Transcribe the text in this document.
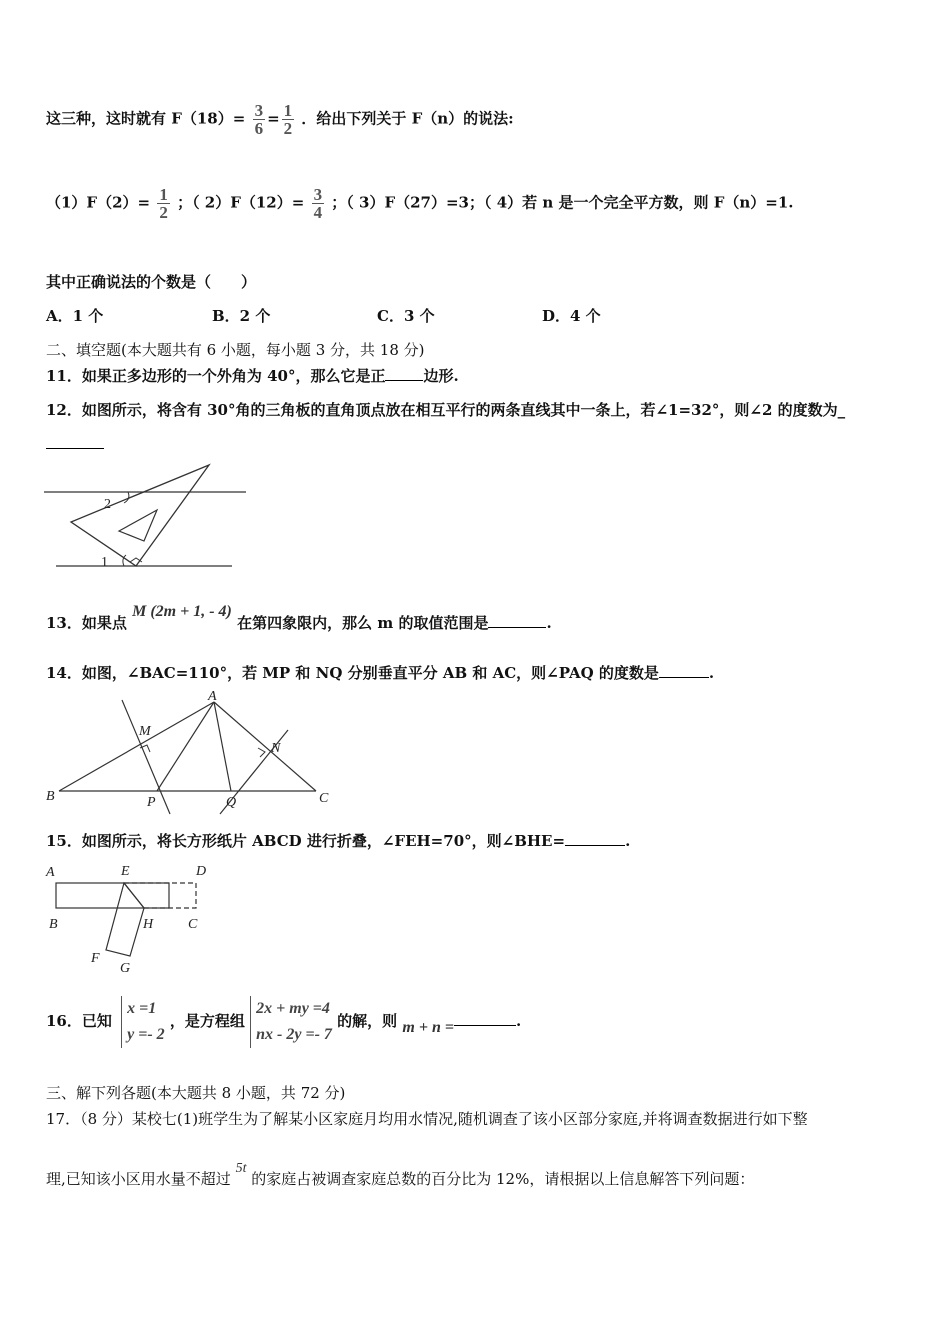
这三种，这时就有 $F(18)= \frac{3}{6} = \frac{1}{2}$ ．给出下列关于 F（n）的说法:
$(1)F(2)= \frac{1}{2}$ ；（ $2)F(12)= \frac{3}{4}$ ；（ 3）F（27）=3；（ 4）若 n 是一个完全平方数，则 F（n）=1.
其中正确说法的个数是（　　）
A．1 个	B．2 个	C．3 个	D．4 个
二、填空题(本大题共有 6 小题，每小题 3 分，共 18 分)
11．如果正多边形的一个外角为 40°，那么它是正	边形.
12．如图所示，将含有 30°角的三角板的直角顶点放在相互平行的两条直线其中一条上，若∠1=32°，则∠2 的度数为_
1
2
13．如果点 M (2m + 1, - 4) 在第四象限内，那么 m 的取值范围是	.
14．如图，∠BAC=110°，若 MP 和 NQ 分别垂直平分 AB 和 AC，则∠PAQ 的度数是	.
A
B	C
M
N
P	Q
15．如图所示，将长方形纸片 ABCD 进行折叠，∠FEH=70°，则∠BHE=	.
A
B	C
D
E
F
G
H
16．已知 x =1
y =- 2 ，是方程组 2x + my =4
nx - 2y =- 7 的解，则 m + n =	.
三、解下列各题(本大题共 8 小题，共 72 分)
17．（8 分）某校七(1)班学生为了解某小区家庭月均用水情况,随机调查了该小区部分家庭,并将调查数据进行如下整
理,已知该小区用水量不超过 5t 的家庭占被调查家庭总数的百分比为 12%，请根据以上信息解答下列问题：
